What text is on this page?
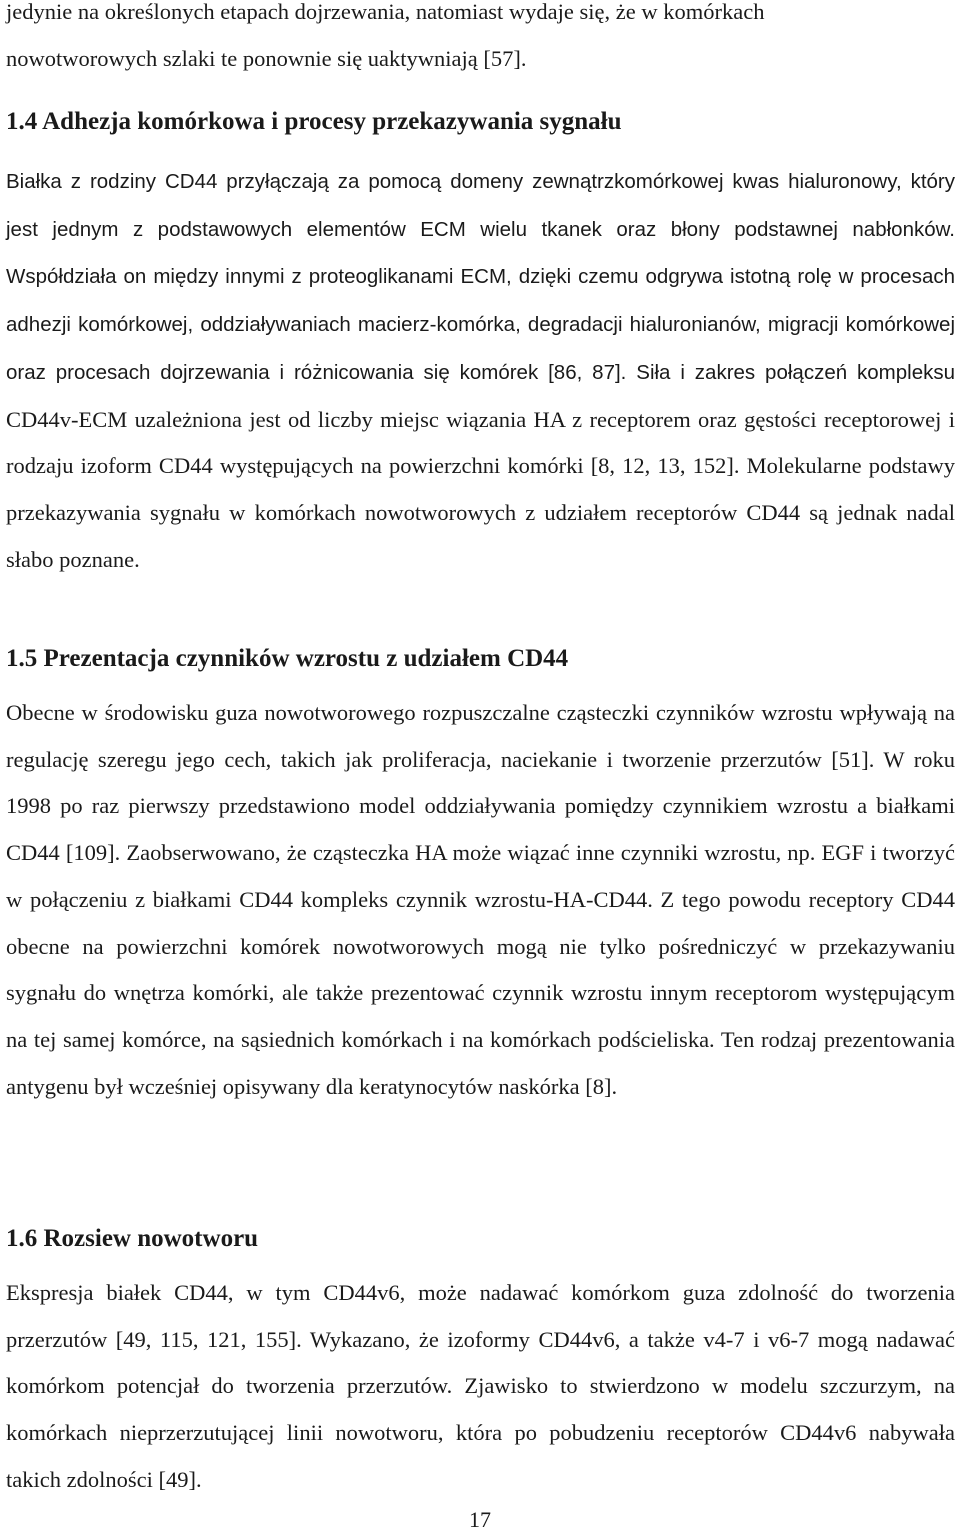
jedynie na określonych etapach dojrzewania, natomiast wydaje się, że w komórkach
nowotworowych szlaki te ponownie się uaktywniają [57].

1.4 Adhezja komórkowa i procesy przekazywania sygnału

Białka z rodziny CD44 przyłączają za pomocą domeny zewnątrzkomórkowej kwas hialuronowy, który jest jednym z podstawowych elementów ECM wielu tkanek oraz błony podstawnej nabłonków. Współdziała on między innymi z proteoglikanami ECM, dzięki czemu odgrywa istotną rolę w procesach adhezji komórkowej, oddziaływaniach macierz-komórka, degradacji hialuronianów, migracji komórkowej oraz procesach dojrzewania i różnicowania się komórek [86, 87]. Siła i zakres połączeń kompleksu CD44v-ECM uzależniona jest od liczby miejsc wiązania HA z receptorem oraz gęstości receptorowej i rodzaju izoform CD44 występujących na powierzchni komórki [8, 12, 13, 152]. Molekularne podstawy przekazywania sygnału w komórkach nowotworowych z udziałem receptorów CD44 są jednak nadal słabo poznane.

1.5 Prezentacja czynników wzrostu z udziałem CD44

Obecne w środowisku guza nowotworowego rozpuszczalne cząsteczki czynników wzrostu wpływają na regulację szeregu jego cech, takich jak proliferacja, naciekanie i tworzenie przerzutów [51]. W roku 1998 po raz pierwszy przedstawiono model oddziaływania pomiędzy czynnikiem wzrostu a białkami CD44 [109]. Zaobserwowano, że cząsteczka HA może wiązać inne czynniki wzrostu, np. EGF i tworzyć w połączeniu z białkami CD44 kompleks czynnik wzrostu-HA-CD44. Z tego powodu receptory CD44 obecne na powierzchni komórek nowotworowych mogą nie tylko pośredniczyć w przekazywaniu sygnału do wnętrza komórki, ale także prezentować czynnik wzrostu innym receptorom występującym na tej samej komórce, na sąsiednich komórkach i na komórkach podścieliska. Ten rodzaj prezentowania antygenu był wcześniej opisywany dla keratynocytów naskórka [8].

1.6 Rozsiew nowotworu

Ekspresja białek CD44, w tym CD44v6, może nadawać komórkom guza zdolność do tworzenia przerzutów [49, 115, 121, 155]. Wykazano, że izoformy CD44v6, a także v4-7 i v6-7 mogą nadawać komórkom potencjał do tworzenia przerzutów. Zjawisko to stwierdzono w modelu szczurzym, na komórkach nieprzerzutującej linii nowotworu, która po pobudzeniu receptorów CD44v6 nabywała takich zdolności [49].

17
